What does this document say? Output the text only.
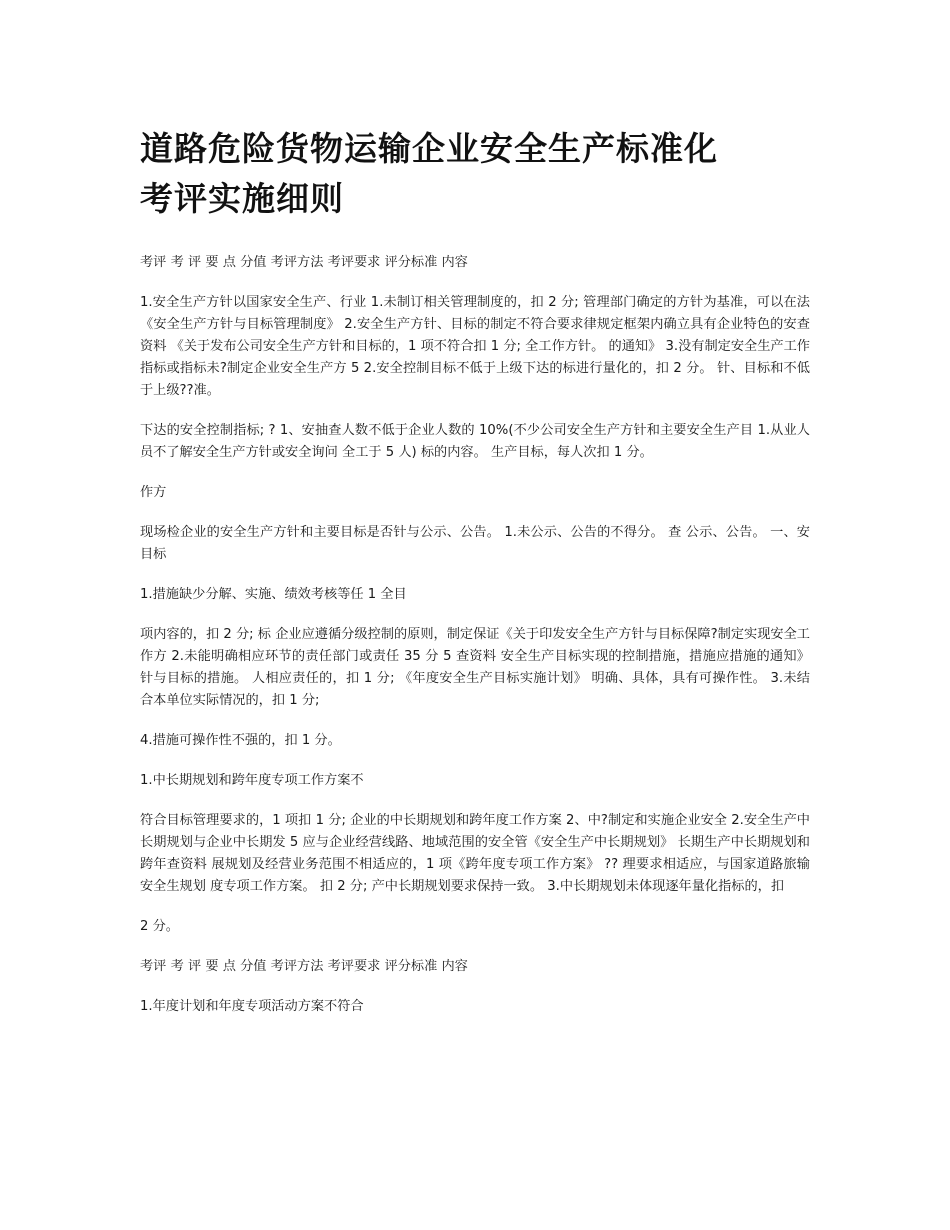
道路危险货物运输企业安全生产标准化
考评实施细则

考评 考 评 要 点 分值 考评方法 考评要求 评分标准 内容

1.安全生产方针以国家安全生产、行业 1.未制订相关管理制度的，扣 2 分; 管理部门确定的方针为基准，可以在法《安全生产方针与目标管理制度》 2.安全生产方针、目标的制定不符合要求律规定框架内确立具有企业特色的安查资料 《关于发布公司安全生产方针和目标的，1 项不符合扣 1 分; 全工作方针。 的通知》 3.没有制定安全生产工作指标或指标未?制定企业安全生产方 5 2.安全控制目标不低于上级下达的标进行量化的，扣 2 分。 针、目标和不低于上级??准。

下达的安全控制指标; ? 1、安抽查人数不低于企业人数的 10%(不少公司安全生产方针和主要安全生产目 1.从业人员不了解安全生产方针或安全询问 全工于 5 人) 标的内容。 生产目标，每人次扣 1 分。

作方

现场检企业的安全生产方针和主要目标是否针与公示、公告。 1.未公示、公告的不得分。 查 公示、公告。 一、安目标

1.措施缺少分解、实施、绩效考核等任 1 全目

项内容的，扣 2 分; 标 企业应遵循分级控制的原则，制定保证《关于印发安全生产方针与目标保障?制定实现安全工作方 2.未能明确相应环节的责任部门或责任 35 分 5 查资料 安全生产目标实现的控制措施，措施应措施的通知》 针与目标的措施。 人相应责任的，扣 1 分; 《年度安全生产目标实施计划》 明确、具体，具有可操作性。 3.未结合本单位实际情况的，扣 1 分;

4.措施可操作性不强的，扣 1 分。

1.中长期规划和跨年度专项工作方案不

符合目标管理要求的，1 项扣 1 分; 企业的中长期规划和跨年度工作方案 2、中?制定和实施企业安全 2.安全生产中长期规划与企业中长期发 5 应与企业经营线路、地域范围的安全管《安全生产中长期规划》 长期生产中长期规划和跨年查资料 展规划及经营业务范围不相适应的，1 项《跨年度专项工作方案》 ?? 理要求相适应，与国家道路旅输安全生规划 度专项工作方案。 扣 2 分; 产中长期规划要求保持一致。 3.中长期规划未体现逐年量化指标的，扣

2 分。

考评 考 评 要 点 分值 考评方法 考评要求 评分标准 内容

1.年度计划和年度专项活动方案不符合
